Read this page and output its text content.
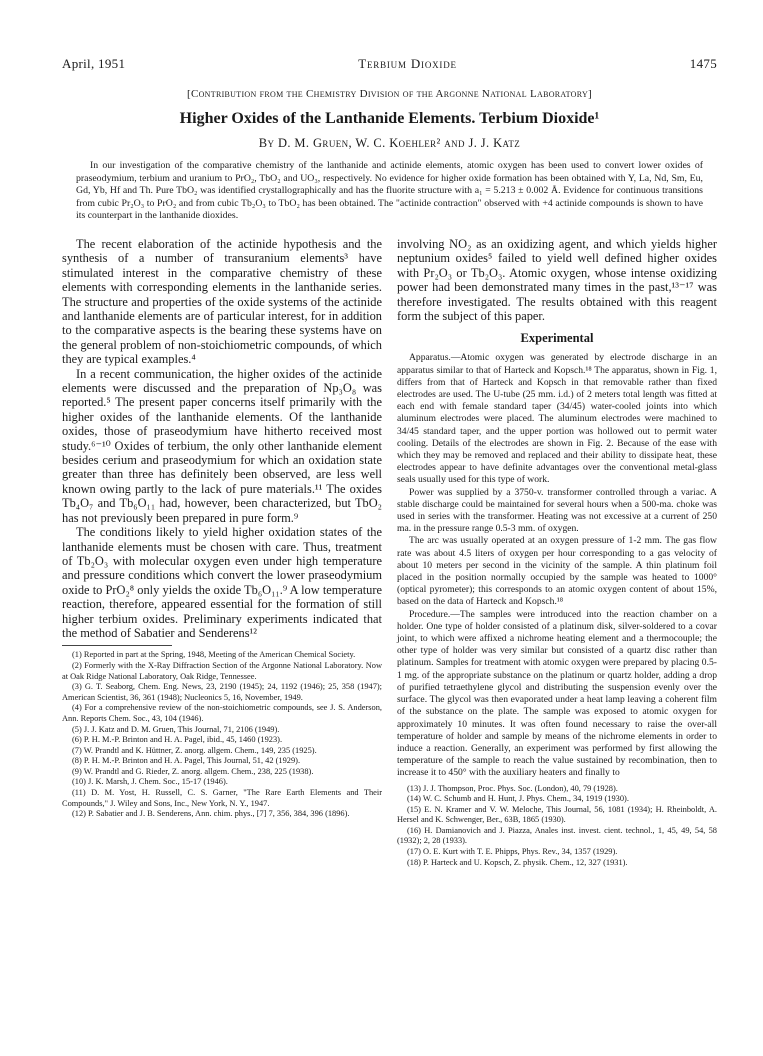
April, 1951	Terbium Dioxide	1475
[Contribution from the Chemistry Division of the Argonne National Laboratory]
Higher Oxides of the Lanthanide Elements. Terbium Dioxide¹
By D. M. Gruen, W. C. Koehler² and J. J. Katz

In our investigation of the comparative chemistry of the lanthanide and actinide elements, atomic oxygen has been used to convert lower oxides of praseodymium, terbium and uranium to PrO₂, TbO₂ and UO₃, respectively. No evidence for higher oxide formation has been obtained with Y, La, Nd, Sm, Eu, Gd, Yb, Hf and Th. Pure TbO₂ was identified crystallographically and has the fluorite structure with a₁ = 5.213 ± 0.002 Å. Evidence for continuous transitions from cubic Pr₂O₃ to PrO₂ and from cubic Tb₂O₃ to TbO₂ has been obtained. The "actinide contraction" observed with +4 actinide compounds is shown to have its counterpart in the lanthanide dioxides.

The recent elaboration of the actinide hypothesis and the synthesis of a number of transuranium elements³ have stimulated interest in the comparative chemistry of these elements with corresponding elements in the lanthanide series. The structure and properties of the oxide systems of the actinide and lanthanide elements are of particular interest, for in addition to the comparative aspects is the bearing these systems have on the general problem of non-stoichiometric compounds, of which they are typical examples.⁴

In a recent communication, the higher oxides of the actinide elements were discussed and the preparation of Np₃O₈ was reported.⁵ The present paper concerns itself primarily with the higher oxides of the lanthanide elements. Of the lanthanide oxides, those of praseodymium have hitherto received most study.⁶⁻¹⁰ Oxides of terbium, the only other lanthanide element besides cerium and praseodymium for which an oxidation state greater than three has definitely been observed, are less well known owing partly to the lack of pure materials.¹¹ The oxides Tb₄O₇ and Tb₆O₁₁ had, however, been characterized, but TbO₂ has not previously been prepared in pure form.⁹

The conditions likely to yield higher oxidation states of the lanthanide elements must be chosen with care. Thus, treatment of Tb₂O₃ with molecular oxygen even under high temperature and pressure conditions which convert the lower praseodymium oxide to PrO₂⁸ only yields the oxide Tb₆O₁₁.⁹ A low temperature reaction, therefore, appeared essential for the formation of still higher terbium oxides. Preliminary experiments indicated that the method of Sabatier and Senderens¹²

(1) Reported in part at the Spring, 1948, Meeting of the American Chemical Society.
(2) Formerly with the X-Ray Diffraction Section of the Argonne National Laboratory. Now at Oak Ridge National Laboratory, Oak Ridge, Tennessee.
(3) G. T. Seaborg, Chem. Eng. News, 23, 2190 (1945); 24, 1192 (1946); 25, 358 (1947); American Scientist, 36, 361 (1948); Nucleonics 5, 16, November, 1949.
(4) For a comprehensive review of the non-stoichiometric compounds, see J. S. Anderson, Ann. Reports Chem. Soc., 43, 104 (1946).
(5) J. J. Katz and D. M. Gruen, This Journal, 71, 2106 (1949).
(6) P. H. M.-P. Brinton and H. A. Pagel, ibid., 45, 1460 (1923).
(7) W. Prandtl and K. Hüttner, Z. anorg. allgem. Chem., 149, 235 (1925).
(8) P. H. M.-P. Brinton and H. A. Pagel, This Journal, 51, 42 (1929).
(9) W. Prandtl and G. Rieder, Z. anorg. allgem. Chem., 238, 225 (1938).
(10) J. K. Marsh, J. Chem. Soc., 15-17 (1946).
(11) D. M. Yost, H. Russell, C. S. Garner, "The Rare Earth Elements and Their Compounds," J. Wiley and Sons, Inc., New York, N. Y., 1947.
(12) P. Sabatier and J. B. Senderens, Ann. chim. phys., [7] 7, 356, 384, 396 (1896).

involving NO₂ as an oxidizing agent, and which yields higher neptunium oxides⁵ failed to yield well defined higher oxides with Pr₂O₃ or Tb₂O₃. Atomic oxygen, whose intense oxidizing power had been demonstrated many times in the past,¹³⁻¹⁷ was therefore investigated. The results obtained with this reagent form the subject of this paper.

Experimental

Apparatus.—Atomic oxygen was generated by electrode discharge in an apparatus similar to that of Harteck and Kopsch.¹⁸ The apparatus, shown in Fig. 1, differs from that of Harteck and Kopsch in that removable rather than fixed electrodes are used. The U-tube (25 mm. i.d.) of 2 meters total length was fitted at each end with female standard taper (34/45) water-cooled joints into which aluminum electrodes were placed. The aluminum electrodes were machined to 34/45 standard taper, and the upper portion was hollowed out to permit water cooling. Details of the electrodes are shown in Fig. 2. Because of the ease with which they may be removed and replaced and their ability to dissipate heat, these electrodes appear to have definite advantages over the conventional metal-glass seals usually used for this type of work.

Power was supplied by a 3750-v. transformer controlled through a variac. A stable discharge could be maintained for several hours when a 500-ma. choke was used in series with the transformer. Heating was not excessive at a current of 250 ma. in the pressure range 0.5-3 mm. of oxygen.

The arc was usually operated at an oxygen pressure of 1-2 mm. The gas flow rate was about 4.5 liters of oxygen per hour corresponding to a gas velocity of about 10 meters per second in the vicinity of the sample. A thin platinum foil placed in the position normally occupied by the sample was heated to 1000° (optical pyrometer); this corresponds to an atomic oxygen content of about 15%, based on the data of Harteck and Kopsch.¹⁸

Procedure.—The samples were introduced into the reaction chamber on a holder. One type of holder consisted of a platinum disk, silver-soldered to a covar joint, to which were affixed a nichrome heating element and a thermocouple; the other type of holder was very similar but consisted of a quartz disc rather than platinum. Samples for treatment with atomic oxygen were prepared by placing 0.5-1 mg. of the appropriate substance on the platinum or quartz holder, adding a drop of purified tetraethylene glycol and distributing the suspension evenly over the surface. The glycol was then evaporated under a heat lamp leaving a coherent film of the substance on the plate. The sample was exposed to atomic oxygen for approximately 10 minutes. It was often found necessary to raise the over-all temperature of holder and sample by means of the nichrome elements in order to induce a reaction. Generally, an experiment was performed by first allowing the temperature of the sample to reach the value sustained by recombination, then to increase it to 450° with the auxiliary heaters and finally to

(13) J. J. Thompson, Proc. Phys. Soc. (London), 40, 79 (1928).
(14) W. C. Schumb and H. Hunt, J. Phys. Chem., 34, 1919 (1930).
(15) E. N. Kramer and V. W. Meloche, This Journal, 56, 1081 (1934); H. Rheinboldt, A. Hersel and K. Schwenger, Ber., 63B, 1865 (1930).
(16) H. Damianovich and J. Piazza, Anales inst. invest. cient. technol., 1, 45, 49, 54, 58 (1932); 2, 28 (1933).
(17) O. E. Kurt with T. E. Phipps, Phys. Rev., 34, 1357 (1929).
(18) P. Harteck and U. Kopsch, Z. physik. Chem., 12, 327 (1931).
